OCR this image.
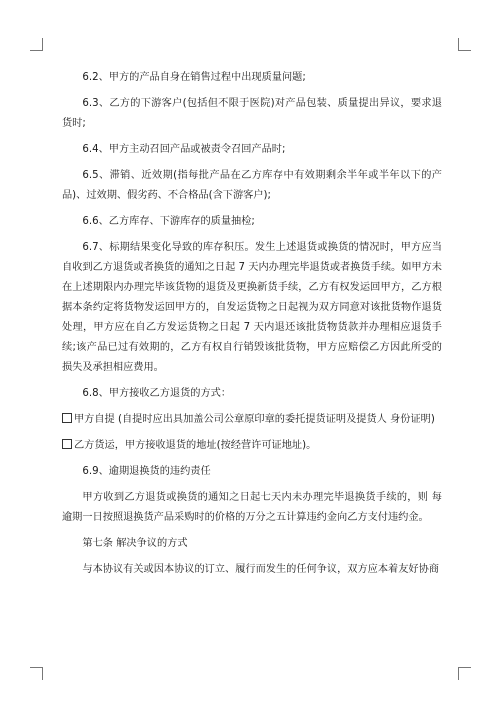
6.2、甲方的产品自身在销售过程中出现质量问题;

6.3、乙方的下游客户(包括但不限于医院)对产品包装、质量提出异议，要求退货时;

6.4、甲方主动召回产品或被责令召回产品时;

6.5、滞销、近效期(指每批产品在乙方库存中有效期剩余半年或半年以下的产品)、过效期、假劣药、不合格品(含下游客户);

6.6、乙方库存、下游库存的质量抽检;

6.7、标期结果变化导致的库存积压。发生上述退货或换货的情况时，甲方应当自收到乙方退货或者换货的通知之日起 7 天内办理完毕退货或者换货手续。如甲方未在上述期限内办理完毕该货物的退货及更换新货手续，乙方有权发运回甲方，乙方根据本条约定将货物发运回甲方的，自发运货物之日起视为双方同意对该批货物作退货处理，甲方应在自乙方发运货物之日起 7 天内退还该批货物货款并办理相应退货手续;该产品已过有效期的，乙方有权自行销毁该批货物，甲方应赔偿乙方因此所受的损失及承担相应费用。

6.8、甲方接收乙方退货的方式：

甲方自提 (自提时应出具加盖公司公章原印章的委托提货证明及提货人 身份证明)

乙方货运，甲方接收退货的地址(按经营许可证地址)。

6.9、逾期退换货的违约责任

甲方收到乙方退货或换货的通知之日起七天内未办理完毕退换货手续的，则 每逾期一日按照退换货产品采购时的价格的万分之五计算违约金向乙方支付违约金。

第七条 解决争议的方式

与本协议有关或因本协议的订立、履行而发生的任何争议，双方应本着友好协商
